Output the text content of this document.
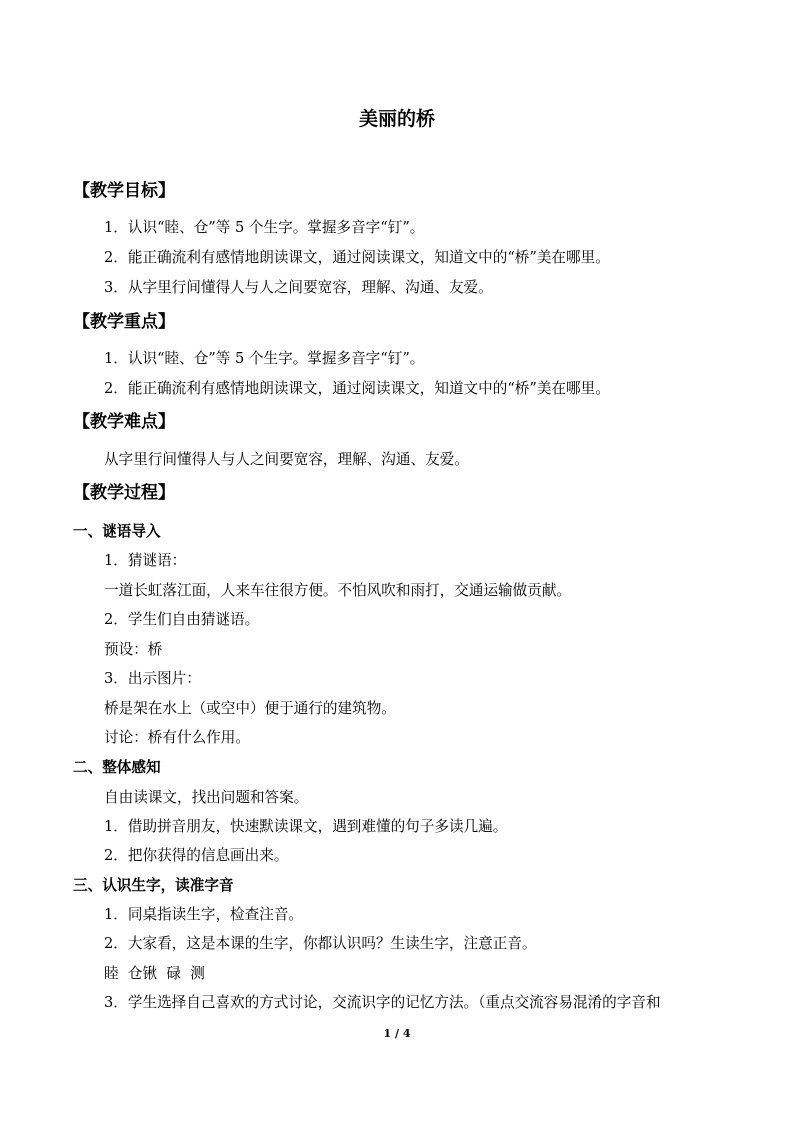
美丽的桥
【教学目标】
1．认识“睦、仓”等 5 个生字。掌握多音字“钉”。
2．能正确流利有感情地朗读课文，通过阅读课文，知道文中的“桥”美在哪里。
3．从字里行间懂得人与人之间要宽容，理解、沟通、友爱。
【教学重点】
1．认识“睦、仓”等 5 个生字。掌握多音字“钉”。
2．能正确流利有感情地朗读课文，通过阅读课文，知道文中的“桥”美在哪里。
【教学难点】
从字里行间懂得人与人之间要宽容，理解、沟通、友爱。
【教学过程】
一、谜语导入
1．猜谜语：
一道长虹落江面，人来车往很方便。不怕风吹和雨打，交通运输做贡献。
2．学生们自由猜谜语。
预设：桥
3．出示图片：
桥是架在水上（或空中）便于通行的建筑物。
讨论：桥有什么作用。
二、整体感知
自由读课文，找出问题和答案。
1．借助拼音朋友，快速默读课文，遇到难懂的句子多读几遍。
2．把你获得的信息画出来。
三、认识生字，读准字音
1．同桌指读生字，检查注音。
2．大家看，这是本课的生字，你都认识吗？生读生字，注意正音。
睦  仓锹  碌  测
3．学生选择自己喜欢的方式讨论，交流识字的记忆方法。（重点交流容易混淆的字音和
1 / 4
